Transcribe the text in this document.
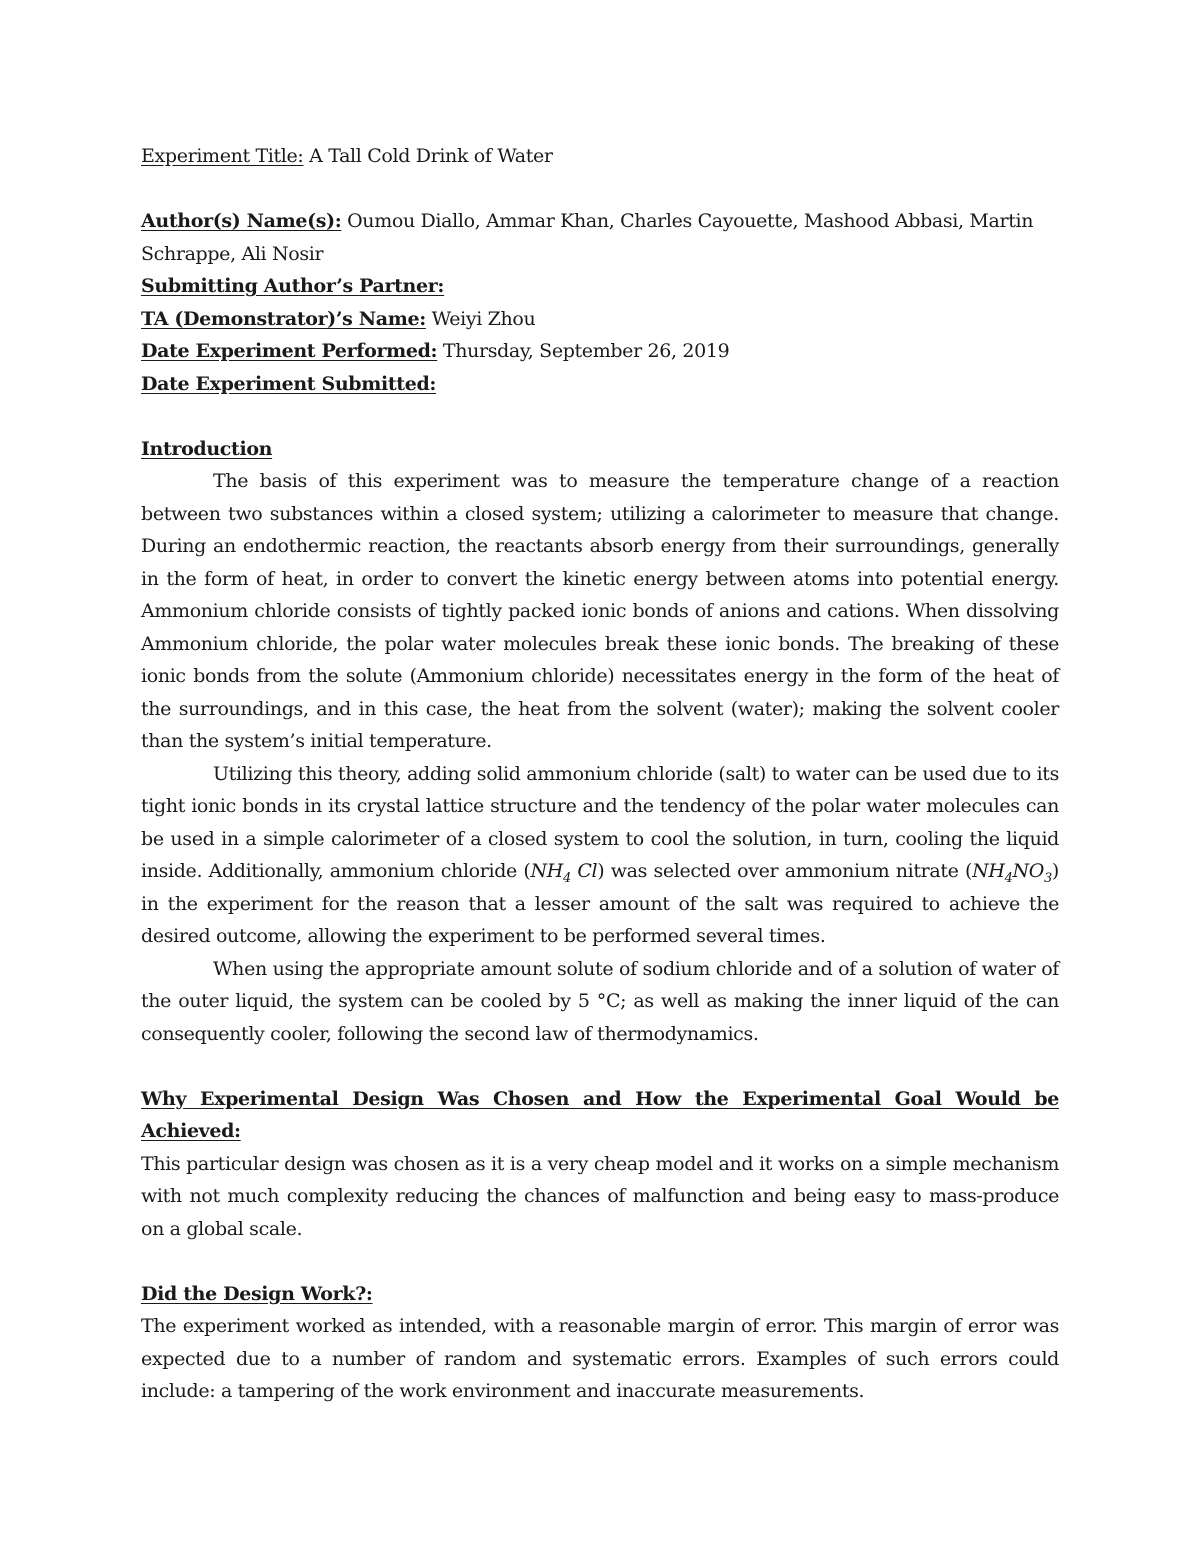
Experiment Title: A Tall Cold Drink of Water

Author(s) Name(s): Oumou Diallo, Ammar Khan, Charles Cayouette, Mashood Abbasi, Martin Schrappe, Ali Nosir

Submitting Author’s Partner:

TA (Demonstrator)’s Name: Weiyi Zhou

Date Experiment Performed: Thursday, September 26, 2019

Date Experiment Submitted:

Introduction

The basis of this experiment was to measure the temperature change of a reaction between two substances within a closed system; utilizing a calorimeter to measure that change. During an endothermic reaction, the reactants absorb energy from their surroundings, generally in the form of heat, in order to convert the kinetic energy between atoms into potential energy. Ammonium chloride consists of tightly packed ionic bonds of anions and cations. When dissolving Ammonium chloride, the polar water molecules break these ionic bonds. The breaking of these ionic bonds from the solute (Ammonium chloride) necessitates energy in the form of the heat of the surroundings, and in this case, the heat from the solvent (water); making the solvent cooler than the system’s initial temperature.

Utilizing this theory, adding solid ammonium chloride (salt) to water can be used due to its tight ionic bonds in its crystal lattice structure and the tendency of the polar water molecules can be used in a simple calorimeter of a closed system to cool the solution, in turn, cooling the liquid inside. Additionally, ammonium chloride ($NH_4$ Cl) was selected over ammonium nitrate $(NH_4NO_3)$ in the experiment for the reason that a lesser amount of the salt was required to achieve the desired outcome, allowing the experiment to be performed several times.

When using the appropriate amount solute of sodium chloride and of a solution of water of the outer liquid, the system can be cooled by 5 °C; as well as making the inner liquid of the can consequently cooler, following the second law of thermodynamics.

Why Experimental Design Was Chosen and How the Experimental Goal Would be Achieved:

This particular design was chosen as it is a very cheap model and it works on a simple mechanism with not much complexity reducing the chances of malfunction and being easy to mass-produce on a global scale.

Did the Design Work?:

The experiment worked as intended, with a reasonable margin of error. This margin of error was expected due to a number of random and systematic errors. Examples of such errors could include: a tampering of the work environment and inaccurate measurements.
